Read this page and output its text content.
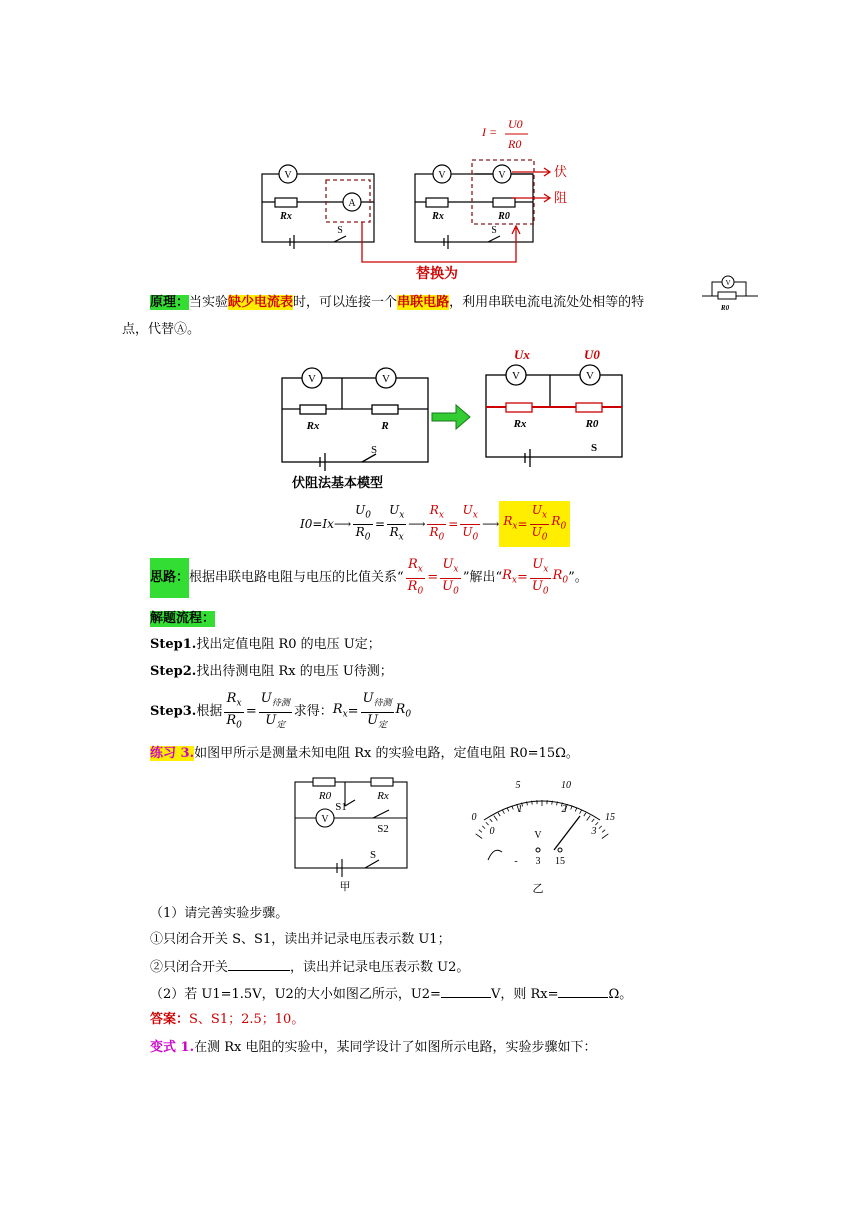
V
A
Rx
S
V	V
Rx	R0
S
I =
U0
R0
伏
阻
替换为
原理：当实验缺少电流表时，可以连接一个串联电路，利用串联电流电流处处相等的特
点，代替Ⓐ。
V
R0
V	V
Rx	R
S
V	V
Rx	R0
S
Ux	U0
伏阻法基本模型
I0=Ix ⟶ $\frac{U_0}{R_0} = \frac{U_x}{R_x}$ ⟶ $\frac{R_x}{R_0} = \frac{U_x}{U_0}$ ⟶ $R_x = \frac{U_x}{U_0} R_0$
思路： 根据串联电路电阻与电压的比值关系“ $\frac{R_x}{R_0} = \frac{U_x}{U_0}$ ”解出“ $R_x = \frac{U_x}{U_0} R_0$ ”。
解题流程：
Step1.找出定值电阻 R0 的电压 U定；
Step2.找出待测电阻 Rx 的电压 U待测；
Step3. 根据 $\frac{R_x}{R_0} = \frac{U_{待测}}{U_定}$ 求得： $R_x = \frac{U_{待测}}{U_定} R_0$
练习 3.如图甲所示是测量未知电阻 Rx 的实验电路，定值电阻 R0=15Ω。
R0	Rx
S1
S2
V
S
甲
0
5	10
15
0
1	2
3
V
- 3 15
乙
（1）请完善实验步骤。
①只闭合开关 S、S1，读出并记录电压表示数 U1；
②只闭合开关	，读出并记录电压表示数 U2。
（2）若 U1=1.5V，U2的大小如图乙所示，U2=	V，则 Rx=	Ω。
答案：S、S1；2.5；10。
变式 1.在测 Rx 电阻的实验中，某同学设计了如图所示电路，实验步骤如下：
